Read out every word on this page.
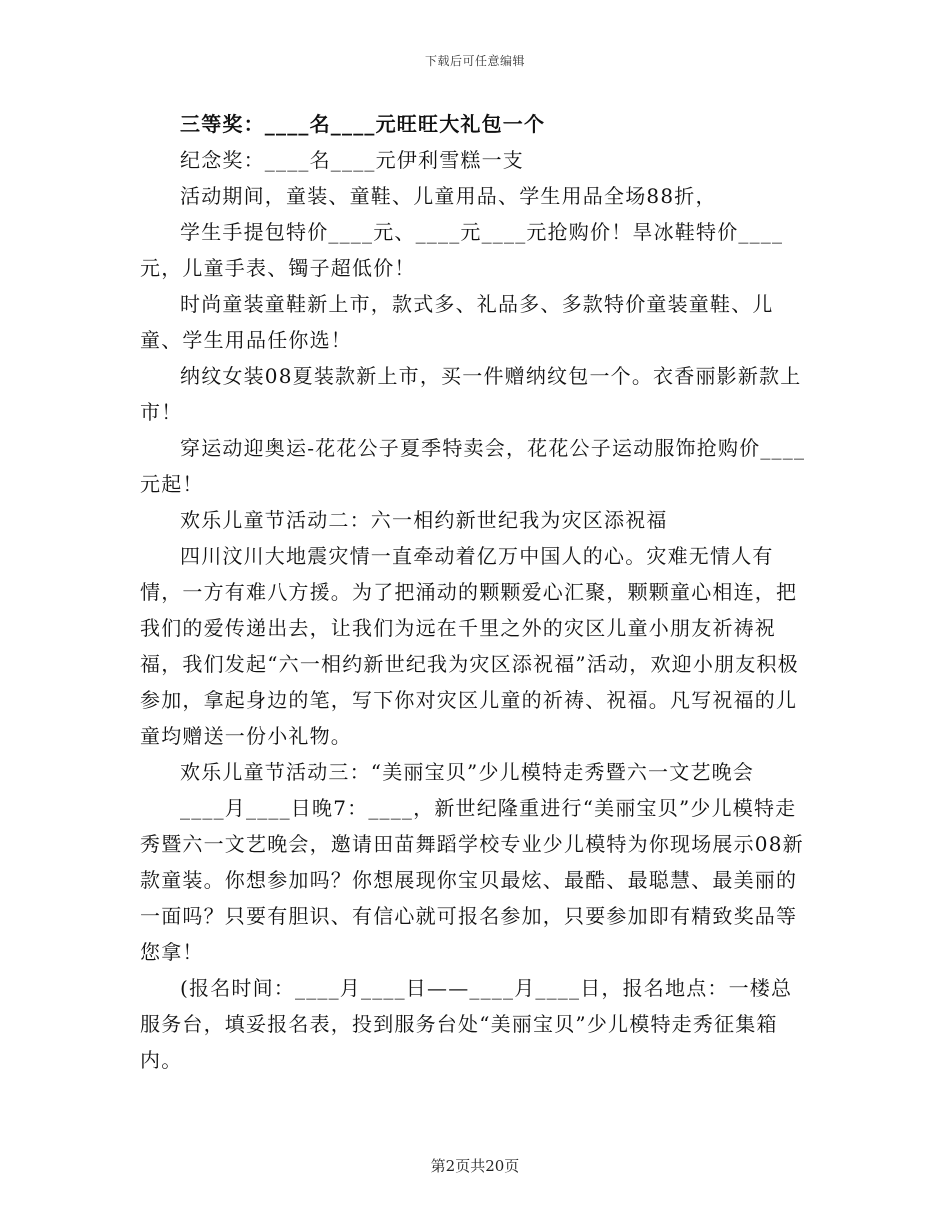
下载后可任意编辑

三等奖：____名____元旺旺大礼包一个

纪念奖：____名____元伊利雪糕一支

活动期间，童装、童鞋、儿童用品、学生用品全场88折，

学生手提包特价____元、____元____元抢购价！旱冰鞋特价____元，儿童手表、镯子超低价！

时尚童装童鞋新上市，款式多、礼品多、多款特价童装童鞋、儿童、学生用品任你选！

纳纹女装08夏装款新上市，买一件赠纳纹包一个。衣香丽影新款上市！

穿运动迎奥运-花花公子夏季特卖会，花花公子运动服饰抢购价____元起！

欢乐儿童节活动二：六一相约新世纪我为灾区添祝福

四川汶川大地震灾情一直牵动着亿万中国人的心。灾难无情人有情，一方有难八方援。为了把涌动的颗颗爱心汇聚，颗颗童心相连，把我们的爱传递出去，让我们为远在千里之外的灾区儿童小朋友祈祷祝福，我们发起“六一相约新世纪我为灾区添祝福”活动，欢迎小朋友积极参加，拿起身边的笔，写下你对灾区儿童的祈祷、祝福。凡写祝福的儿童均赠送一份小礼物。

欢乐儿童节活动三：“美丽宝贝”少儿模特走秀暨六一文艺晚会

____月____日晚7：____，新世纪隆重进行“美丽宝贝”少儿模特走秀暨六一文艺晚会，邀请田苗舞蹈学校专业少儿模特为你现场展示08新款童装。你想参加吗？你想展现你宝贝最炫、最酷、最聪慧、最美丽的一面吗？只要有胆识、有信心就可报名参加，只要参加即有精致奖品等您拿！

(报名时间：____月____日——____月____日，报名地点：一楼总服务台，填妥报名表，投到服务台处“美丽宝贝”少儿模特走秀征集箱内。

第2页共20页
